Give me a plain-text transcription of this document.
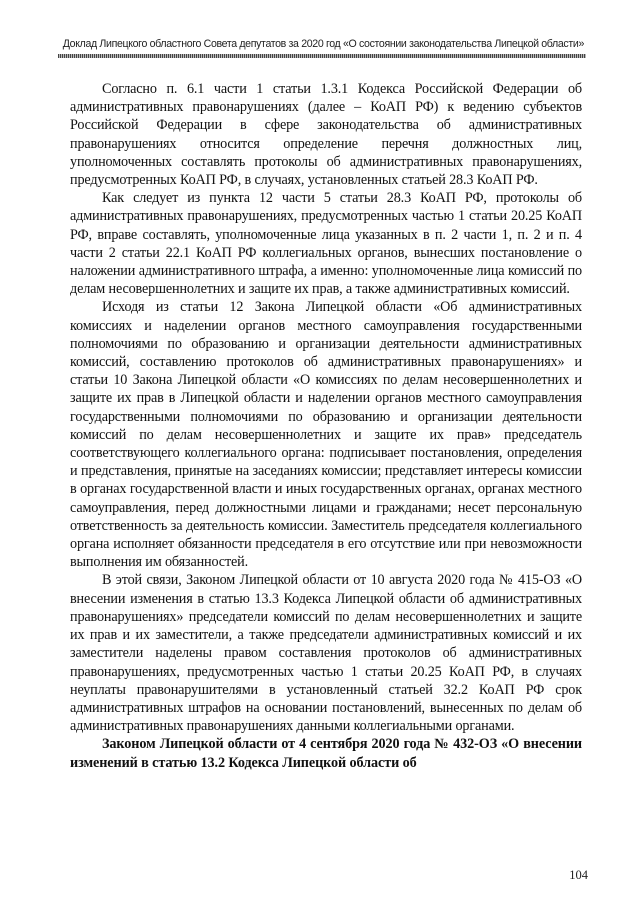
Доклад Липецкого областного Совета депутатов за 2020 год «О состоянии законодательства Липецкой области»

Согласно п. 6.1 части 1 статьи 1.3.1 Кодекса Российской Федерации об административных правонарушениях (далее – КоАП РФ) к ведению субъектов Российской Федерации в сфере законодательства об административных правонарушениях относится определение перечня должностных лиц, уполномоченных составлять протоколы об административных правонарушениях, предусмотренных КоАП РФ, в случаях, установленных статьей 28.3 КоАП РФ.

Как следует из пункта 12 части 5 статьи 28.3 КоАП РФ, протоколы об административных правонарушениях, предусмотренных частью 1 статьи 20.25 КоАП РФ, вправе составлять, уполномоченные лица указанных в п. 2 части 1, п. 2 и п. 4 части 2 статьи 22.1 КоАП РФ коллегиальных органов, вынесших постановление о наложении административного штрафа, а именно: уполномоченные лица комиссий по делам несовершеннолетних и защите их прав, а также административных комиссий.

Исходя из статьи 12 Закона Липецкой области «Об административных комиссиях и наделении органов местного самоуправления государственными полномочиями по образованию и организации деятельности административных комиссий, составлению протоколов об административных правонарушениях» и статьи 10 Закона Липецкой области «О комиссиях по делам несовершеннолетних и защите их прав в Липецкой области и наделении органов местного самоуправления государственными полномочиями по образованию и организации деятельности комиссий по делам несовершеннолетних и защите их прав» председатель соответствующего коллегиального органа: подписывает постановления, определения и представления, принятые на заседаниях комиссии; представляет интересы комиссии в органах государственной власти и иных государственных органах, органах местного самоуправления, перед должностными лицами и гражданами; несет персональную ответственность за деятельность комиссии. Заместитель председателя коллегиального органа исполняет обязанности председателя в его отсутствие или при невозможности выполнения им обязанностей.

В этой связи, Законом Липецкой области от 10 августа 2020 года № 415-ОЗ «О внесении изменения в статью 13.3 Кодекса Липецкой области об административных правонарушениях» председатели комиссий по делам несовершеннолетних и защите их прав и их заместители, а также председатели административных комиссий и их заместители наделены правом составления протоколов об административных правонарушениях, предусмотренных частью 1 статьи 20.25 КоАП РФ, в случаях неуплаты правонарушителями в установленный статьей 32.2 КоАП РФ срок административных штрафов на основании постановлений, вынесенных по делам об административных правонарушениях данными коллегиальными органами.

Законом Липецкой области от 4 сентября 2020 года № 432-ОЗ «О внесении изменений в статью 13.2 Кодекса Липецкой области об

104
